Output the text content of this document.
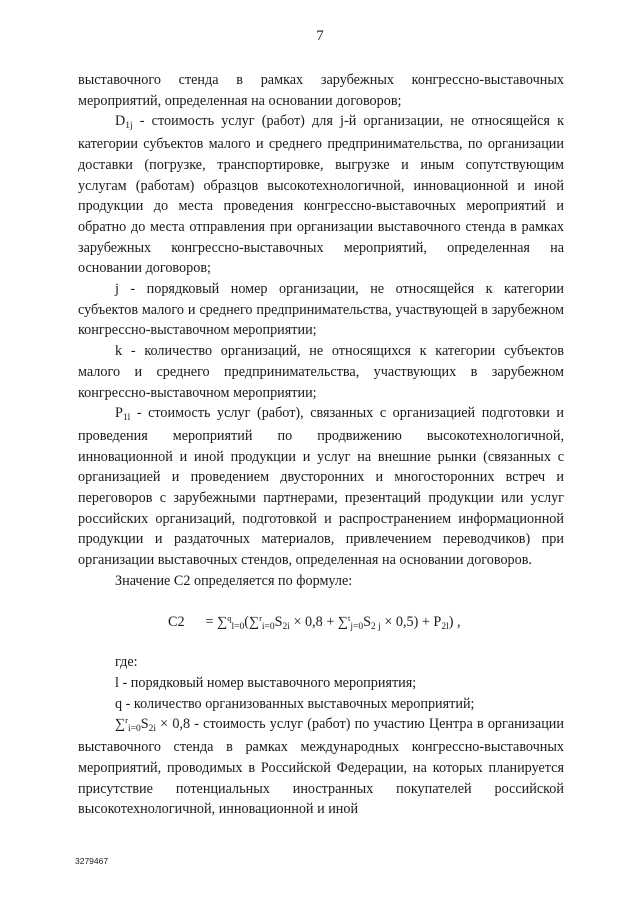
7

выставочного стенда в рамках зарубежных конгрессно-выставочных мероприятий, определенная на основании договоров;

$D_{1j}$ - стоимость услуг (работ) для j-й организации, не относящейся к категории субъектов малого и среднего предпринимательства, по организации доставки (погрузке, транспортировке, выгрузке и иным сопутствующим услугам (работам) образцов высокотехнологичной, инновационной и иной продукции до места проведения конгрессно-выставочных мероприятий и обратно до места отправления при организации выставочного стенда в рамках зарубежных конгрессно-выставочных мероприятий, определенная на основании договоров;

j - порядковый номер организации, не относящейся к категории субъектов малого и среднего предпринимательства, участвующей в зарубежном конгрессно-выставочном мероприятии;

k - количество организаций, не относящихся к категории субъектов малого и среднего предпринимательства, участвующих в зарубежном конгрессно-выставочном мероприятии;

$P_{1l}$ - стоимость услуг (работ), связанных с организацией подготовки и проведения мероприятий по продвижению высокотехнологичной, инновационной и иной продукции и услуг на внешние рынки (связанных с организацией и проведением двусторонних и многосторонних встреч и переговоров с зарубежными партнерами, презентаций продукции или услуг российских организаций, подготовкой и распространением информационной продукции и раздаточных материалов, привлечением переводчиков) при организации выставочных стендов, определенная на основании договоров.

Значение C2 определяется по формуле:

$C2 = \sum^q_{l=0}(\sum^r_{i=0}S_{2i} \times 0,8 + \sum^t_{j=0}S_{2 j} \times 0,5) + P_{2l}$) ,

где:

l - порядковый номер выставочного мероприятия;

q - количество организованных выставочных мероприятий;

$\sum^r_{i=0}S_{2i} \times 0,8$ - стоимость услуг (работ) по участию Центра в организации выставочного стенда в рамках международных конгрессно-выставочных мероприятий, проводимых в Российской Федерации, на которых планируется присутствие потенциальных иностранных покупателей российской высокотехнологичной, инновационной и иной

3279467
